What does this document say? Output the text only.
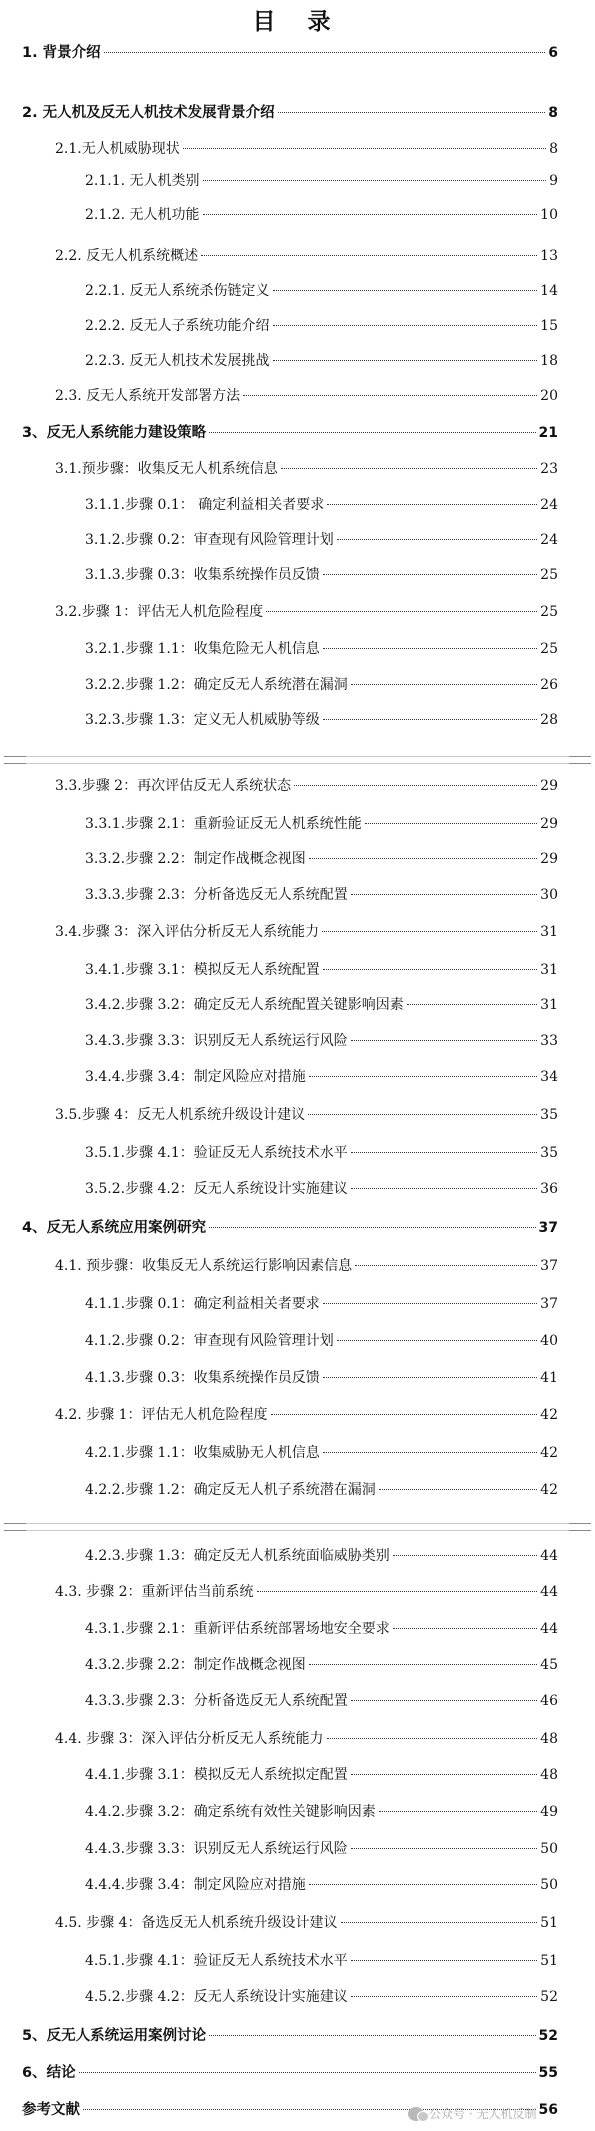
目 录
1. 背景介绍	6
2. 无人机及反无人机技术发展背景介绍	8
2.1.无人机威胁现状	8
2.1.1. 无人机类别	9
2.1.2. 无人机功能	10
2.2. 反无人机系统概述	13
2.2.1. 反无人系统杀伤链定义	14
2.2.2. 反无人子系统功能介绍	15
2.2.3. 反无人机技术发展挑战	18
2.3. 反无人系统开发部署方法	20
3、反无人系统能力建设策略	21
3.1.预步骤：收集反无人机系统信息	23
3.1.1.步骤 0.1： 确定利益相关者要求	24
3.1.2.步骤 0.2：审查现有风险管理计划	24
3.1.3.步骤 0.3：收集系统操作员反馈	25
3.2.步骤 1：评估无人机危险程度	25
3.2.1.步骤 1.1：收集危险无人机信息	25
3.2.2.步骤 1.2：确定反无人系统潜在漏洞	26
3.2.3.步骤 1.3：定义无人机威胁等级	28
3.3.步骤 2：再次评估反无人系统状态	29
3.3.1.步骤 2.1：重新验证反无人机系统性能	29
3.3.2.步骤 2.2：制定作战概念视图	29
3.3.3.步骤 2.3：分析备选反无人系统配置	30
3.4.步骤 3：深入评估分析反无人系统能力	31
3.4.1.步骤 3.1：模拟反无人系统配置	31
3.4.2.步骤 3.2：确定反无人系统配置关键影响因素	31
3.4.3.步骤 3.3：识别反无人系统运行风险	33
3.4.4.步骤 3.4：制定风险应对措施	34
3.5.步骤 4：反无人机系统升级设计建议	35
3.5.1.步骤 4.1：验证反无人系统技术水平	35
3.5.2.步骤 4.2：反无人系统设计实施建议	36
4、反无人系统应用案例研究	37
4.1. 预步骤：收集反无人系统运行影响因素信息	37
4.1.1.步骤 0.1：确定利益相关者要求	37
4.1.2.步骤 0.2：审查现有风险管理计划	40
4.1.3.步骤 0.3：收集系统操作员反馈	41
4.2. 步骤 1：评估无人机危险程度	42
4.2.1.步骤 1.1：收集威胁无人机信息	42
4.2.2.步骤 1.2：确定反无人机子系统潜在漏洞	42
4.2.3.步骤 1.3：确定反无人机系统面临威胁类别	44
4.3. 步骤 2：重新评估当前系统	44
4.3.1.步骤 2.1：重新评估系统部署场地安全要求	44
4.3.2.步骤 2.2：制定作战概念视图	45
4.3.3.步骤 2.3：分析备选反无人系统配置	46
4.4. 步骤 3：深入评估分析反无人系统能力	48
4.4.1.步骤 3.1：模拟反无人系统拟定配置	48
4.4.2.步骤 3.2：确定系统有效性关键影响因素	49
4.4.3.步骤 3.3：识别反无人系统运行风险	50
4.4.4.步骤 3.4：制定风险应对措施	50
4.5. 步骤 4：备选反无人机系统升级设计建议	51
4.5.1.步骤 4.1：验证反无人系统技术水平	51
4.5.2.步骤 4.2：反无人系统设计实施建议	52
5、反无人系统运用案例讨论	52
6、结论	55
参考文献	56
公众号 · 无人机反制
